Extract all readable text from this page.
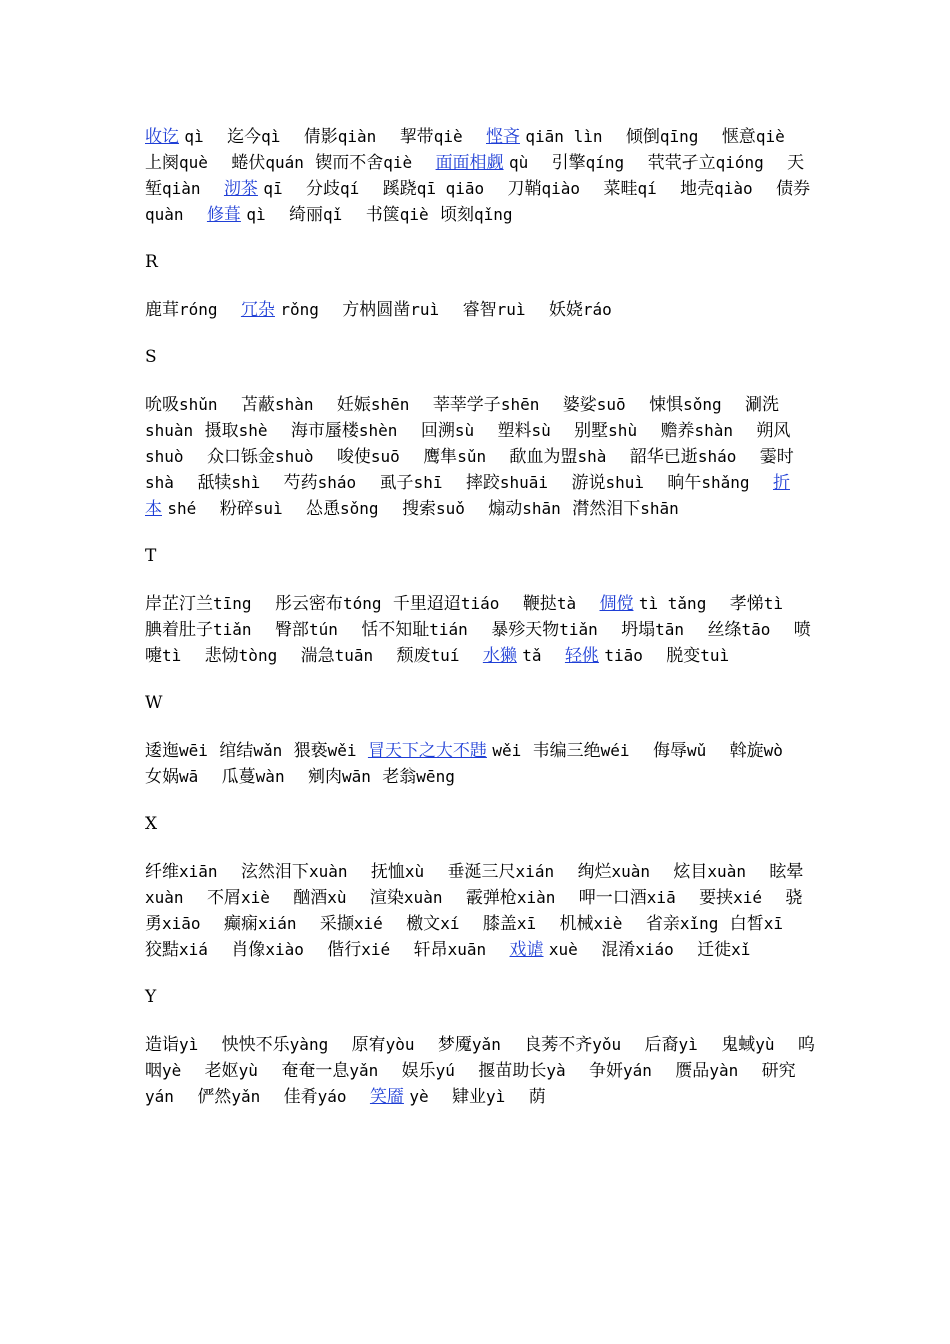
收讫 qì 迄今qì 倩影qiàn 挈带qiè 悭吝 qiān lìn 倾倒qīng 惬意qiè 上阕què 蜷伏quán 锲而不舍qiè 面面相觑 qù 引擎qíng 茕茕孑立qióng 天堑qiàn 沏茶 qī 分歧qí 蹊跷qī qiāo 刀鞘qiào 菜畦qí 地壳qiào 债券quàn 修葺 qì 绮丽qǐ 书箧qiè 顷刻qǐng

R

鹿茸róng 冗杂 rǒng 方枘圆凿ruì 睿智ruì 妖娆ráo

S

吮吸shǔn 苫蔽shàn 妊娠shēn 莘莘学子shēn 婆娑suō 悚惧sǒng 涮洗shuàn 摄取shè 海市蜃楼shèn 回溯sù 塑料sù 别墅shù 赡养shàn 朔风shuò 众口铄金shuò 唆使suō 鹰隼sǔn 歃血为盟shà 韶华已逝sháo 霎时shà 舐犊shì 芍药sháo 虱子shī 摔跤shuāi 游说shuì 晌午shǎng 折本 shé 粉碎suì 怂恿sǒng 搜索suǒ 煽动shān 潸然泪下shān

T

岸芷汀兰tīng 彤云密布tóng 千里迢迢tiáo 鞭挞tà 倜傥 tì tǎng 孝悌tì 腆着肚子tiǎn 臀部tún 恬不知耻tián 暴殄天物tiǎn 坍塌tān 丝绦tāo 喷嚏tì 悲恸tòng 湍急tuān 颓废tuí 水獭 tǎ 轻佻 tiāo 脱变tuì

W

逶迤wēi 绾结wǎn 猥亵wěi 冒天下之大不韪 wěi 韦编三绝wéi 侮辱wǔ 斡旋wò 女娲wā 瓜蔓wàn 剜肉wān 老翁wēng

X

纤维xiān 泫然泪下xuàn 抚恤xù 垂涎三尺xián 绚烂xuàn 炫目xuàn 眩晕xuàn 不屑xiè 酗酒xù 渲染xuàn 霰弹枪xiàn 呷一口酒xiā 要挟xié 骁勇xiāo 癫痫xián 采撷xié 檄文xí 膝盖xī 机械xiè 省亲xǐng 白皙xī 狡黠xiá 肖像xiào 偕行xié 轩昂xuān 戏谑 xuè 混淆xiáo 迁徙xǐ

Y

造诣yì 怏怏不乐yàng 原宥yòu 梦魇yǎn 良莠不齐yǒu 后裔yì 鬼蜮yù 呜咽yè 老妪yù 奄奄一息yǎn 娱乐yú 揠苗助长yà 争妍yán 赝品yàn 研究yán 俨然yǎn 佳肴yáo 笑靥 yè 肄业yì 荫
